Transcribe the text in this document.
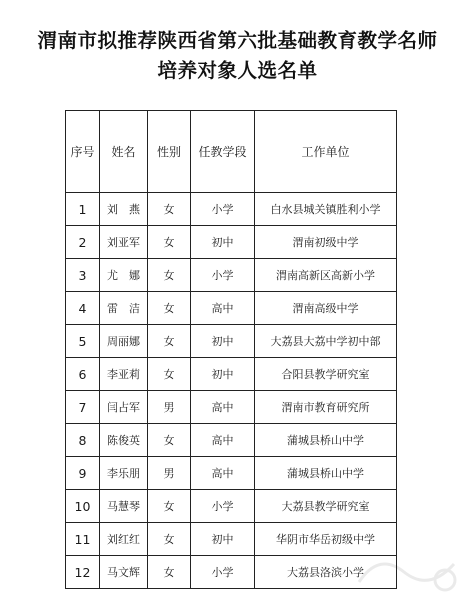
渭南市拟推荐陕西省第六批基础教育教学名师
培养对象人选名单
序号	姓名	性别	任教学段	工作单位
1	刘　燕	女	小学	白水县城关镇胜利小学
2	刘亚军	女	初中	渭南初级中学
3	尤　娜	女	小学	渭南高新区高新小学
4	雷　洁	女	高中	渭南高级中学
5	周丽娜	女	初中	大荔县大荔中学初中部
6	李亚莉	女	初中	合阳县教学研究室
7	闫占军	男	高中	渭南市教育研究所
8	陈俊英	女	高中	蒲城县桥山中学
9	李乐朋	男	高中	蒲城县桥山中学
10	马慧琴	女	小学	大荔县教学研究室
11	刘红红	女	初中	华阴市华岳初级中学
12	马文辉	女	小学	大荔县洛滨小学
